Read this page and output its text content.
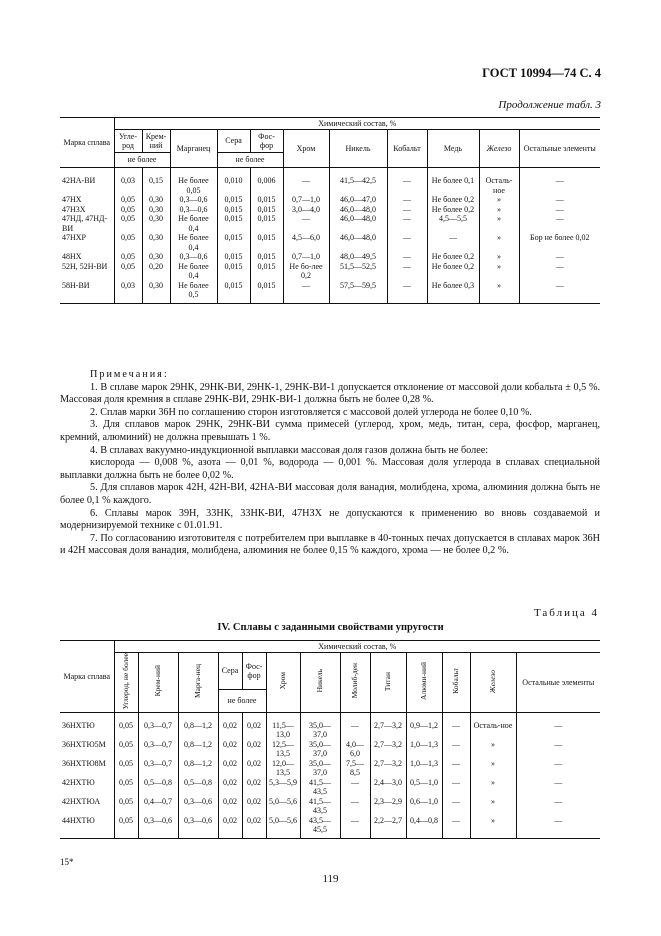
ГОСТ 10994—74 С. 4
Продолжение табл. 3
Марка сплава	Химический состав, %										
	Угле-род	Крем-ний	Марганец	Сера	Фос-фор	Хром	Никель	Кобальт	Медь	Железо	Остальные элементы
	не более			не более							
42НА-ВИ	0,03	0,15	Не более 0,05	0,010	0,006	—	41,5—42,5	—	Не более 0,1	Осталь-ное	—
47НХ	0,05	0,30	0,3—0,6	0,015	0,015	0,7—1,0	46,0—47,0	—	Не более 0,2	»	—
47Н3Х	0,05	0,30	0,3—0,6	0,015	0,015	3,0—4,0	46,0—48,0	—	Не более 0,2	»	—
47НД, 47НД-ВИ	0,05	0,30	Не более 0,4	0,015	0,015	—	46,0—48,0	—	4,5—5,5	»	—
47НХР	0,05	0,30	Не более 0,4	0,015	0,015	4,5—6,0	46,0—48,0	—	—	»	Бор не более 0,02
48НХ	0,05	0,30	0,3—0,6	0,015	0,015	0,7—1,0	48,0—49,5	—	Не более 0,2	»	—
52Н, 52Н-ВИ	0,05	0,20	Не более 0,4	0,015	0,015	Не бо-лее 0,2	51,5—52,5	—	Не более 0,2	»	—
58Н-ВИ	0,03	0,30	Не более 0,5	0,015	0,015	—	57,5—59,5	—	Не более 0,3	»	—

Примечания:

1. В сплаве марок 29НК, 29НК-ВИ, 29НК-1, 29НК-ВИ-1 допускается отклонение от массовой доли кобальта ± 0,5 %. Массовая доля кремния в сплаве 29НК-ВИ, 29НК-ВИ-1 должна быть не более 0,28 %.

2. Сплав марки 36Н по соглашению сторон изготовляется с массовой долей углерода не более 0,10 %.

3. Для сплавов марок 29НК, 29НК-ВИ сумма примесей (углерод, хром, медь, титан, сера, фосфор, марганец, кремний, алюминий) не должна превышать 1 %.

4. В сплавах вакуумно-индукционной выплавки массовая доля газов должна быть не более:

кислорода — 0,008 %, азота — 0,01 %, водорода — 0,001 %. Массовая доля углерода в сплавах специальной выплавки должна быть не более 0,02 %.

5. Для сплавов марок 42Н, 42Н-ВИ, 42НА-ВИ массовая доля ванадия, молибдена, хрома, алюминия должна быть не более 0,1 % каждого.

6. Сплавы марок 39Н, 33НК, 33НК-ВИ, 47НЗХ не допускаются к применению во вновь создаваемой и модернизируемой технике с 01.01.91.

7. По согласованию изготовителя с потребителем при выплавке в 40-тонных печах допускается в сплавах марок 36Н и 42Н массовая доля ванадия, молибдена, алюминия не более 0,15 % каждого, хрома — не более 0,2 %.

Таблица 4
IV. Сплавы с заданными свойствами упругости
Марка сплава	Химический состав, %												
	Углерод, не более	Крем-ний	Марга-нец	Сера	Фос-фор	Хром	Никель	Молиб-ден	Титан	Алюми-ний	Кобальт	Железо	Остальные элементы
				не более									
36НХТЮ	0,05	0,3—0,7	0,8—1,2	0,02	0,02	11,5—13,0	35,0—37,0	—	2,7—3,2	0,9—1,2	—	Осталь-ное	—
36НХТЮ5М	0,05	0,3—0,7	0,8—1,2	0,02	0,02	12,5—13,5	35,0—37,0	4,0—6,0	2,7—3,2	1,0—1,3	—	»	—
36НХТЮ8М	0,05	0,3—0,7	0,8—1,2	0,02	0,02	12,0—13,5	35,0—37,0	7,5—8,5	2,7—3,2	1,0—1,3	—	»	—
42НХТЮ	0,05	0,5—0,8	0,5—0,8	0,02	0,02	5,3—5,9	41,5—43,5	—	2,4—3,0	0,5—1,0	—	»	—
42НХТЮА	0,05	0,4—0,7	0,3—0,6	0,02	0,02	5,0—5,6	41,5—43,5	—	2,3—2,9	0,6—1,0	—	»	—
44НХТЮ	0,05	0,3—0,6	0,3—0,6	0,02	0,02	5,0—5,6	43,5—45,5	—	2,2—2,7	0,4—0,8	—	»	—
15*
119
